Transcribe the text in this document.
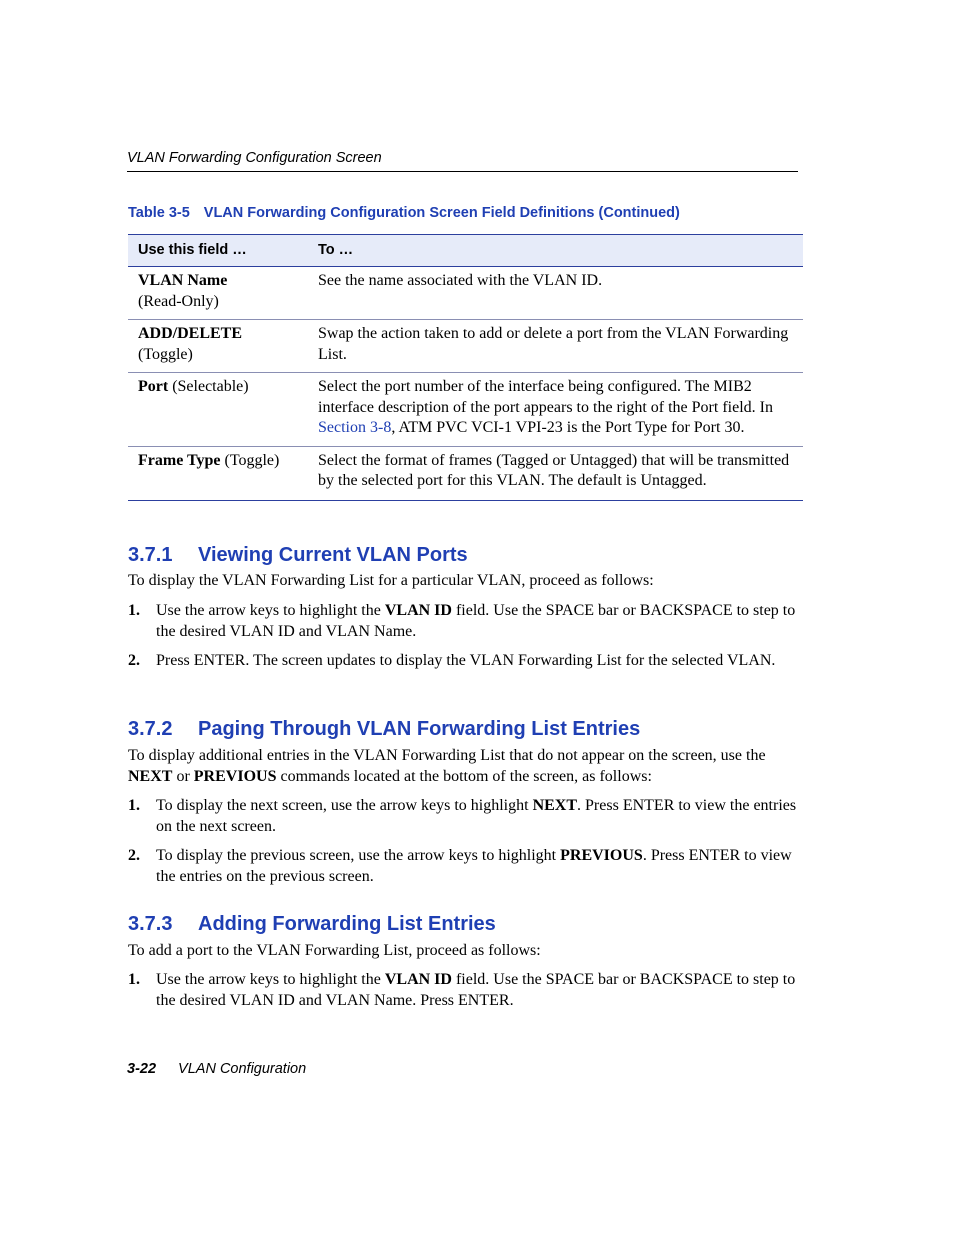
VLAN Forwarding Configuration Screen
Table 3-5 VLAN Forwarding Configuration Screen Field Definitions (Continued)
Use this field …	To …
VLAN Name
(Read-Only)	See the name associated with the VLAN ID.
ADD/DELETE
(Toggle)	Swap the action taken to add or delete a port from the VLAN Forwarding List.
Port (Selectable)	Select the port number of the interface being configured. The MIB2 interface description of the port appears to the right of the Port field. In Section 3-8, ATM PVC VCI-1 VPI-23 is the Port Type for Port 30.
Frame Type (Toggle)	Select the format of frames (Tagged or Untagged) that will be transmitted by the selected port for this VLAN. The default is Untagged.
3.7.1 Viewing Current VLAN Ports

To display the VLAN Forwarding List for a particular VLAN, proceed as follows:

1. Use the arrow keys to highlight the VLAN ID field. Use the SPACE bar or BACKSPACE to step to the desired VLAN ID and VLAN Name.
2. Press ENTER. The screen updates to display the VLAN Forwarding List for the selected VLAN.
3.7.2 Paging Through VLAN Forwarding List Entries

To display additional entries in the VLAN Forwarding List that do not appear on the screen, use the NEXT or PREVIOUS commands located at the bottom of the screen, as follows:

1. To display the next screen, use the arrow keys to highlight NEXT. Press ENTER to view the entries on the next screen.
2. To display the previous screen, use the arrow keys to highlight PREVIOUS. Press ENTER to view the entries on the previous screen.
3.7.3 Adding Forwarding List Entries

To add a port to the VLAN Forwarding List, proceed as follows:

1. Use the arrow keys to highlight the VLAN ID field. Use the SPACE bar or BACKSPACE to step to the desired VLAN ID and VLAN Name. Press ENTER.
3-22 VLAN Configuration
